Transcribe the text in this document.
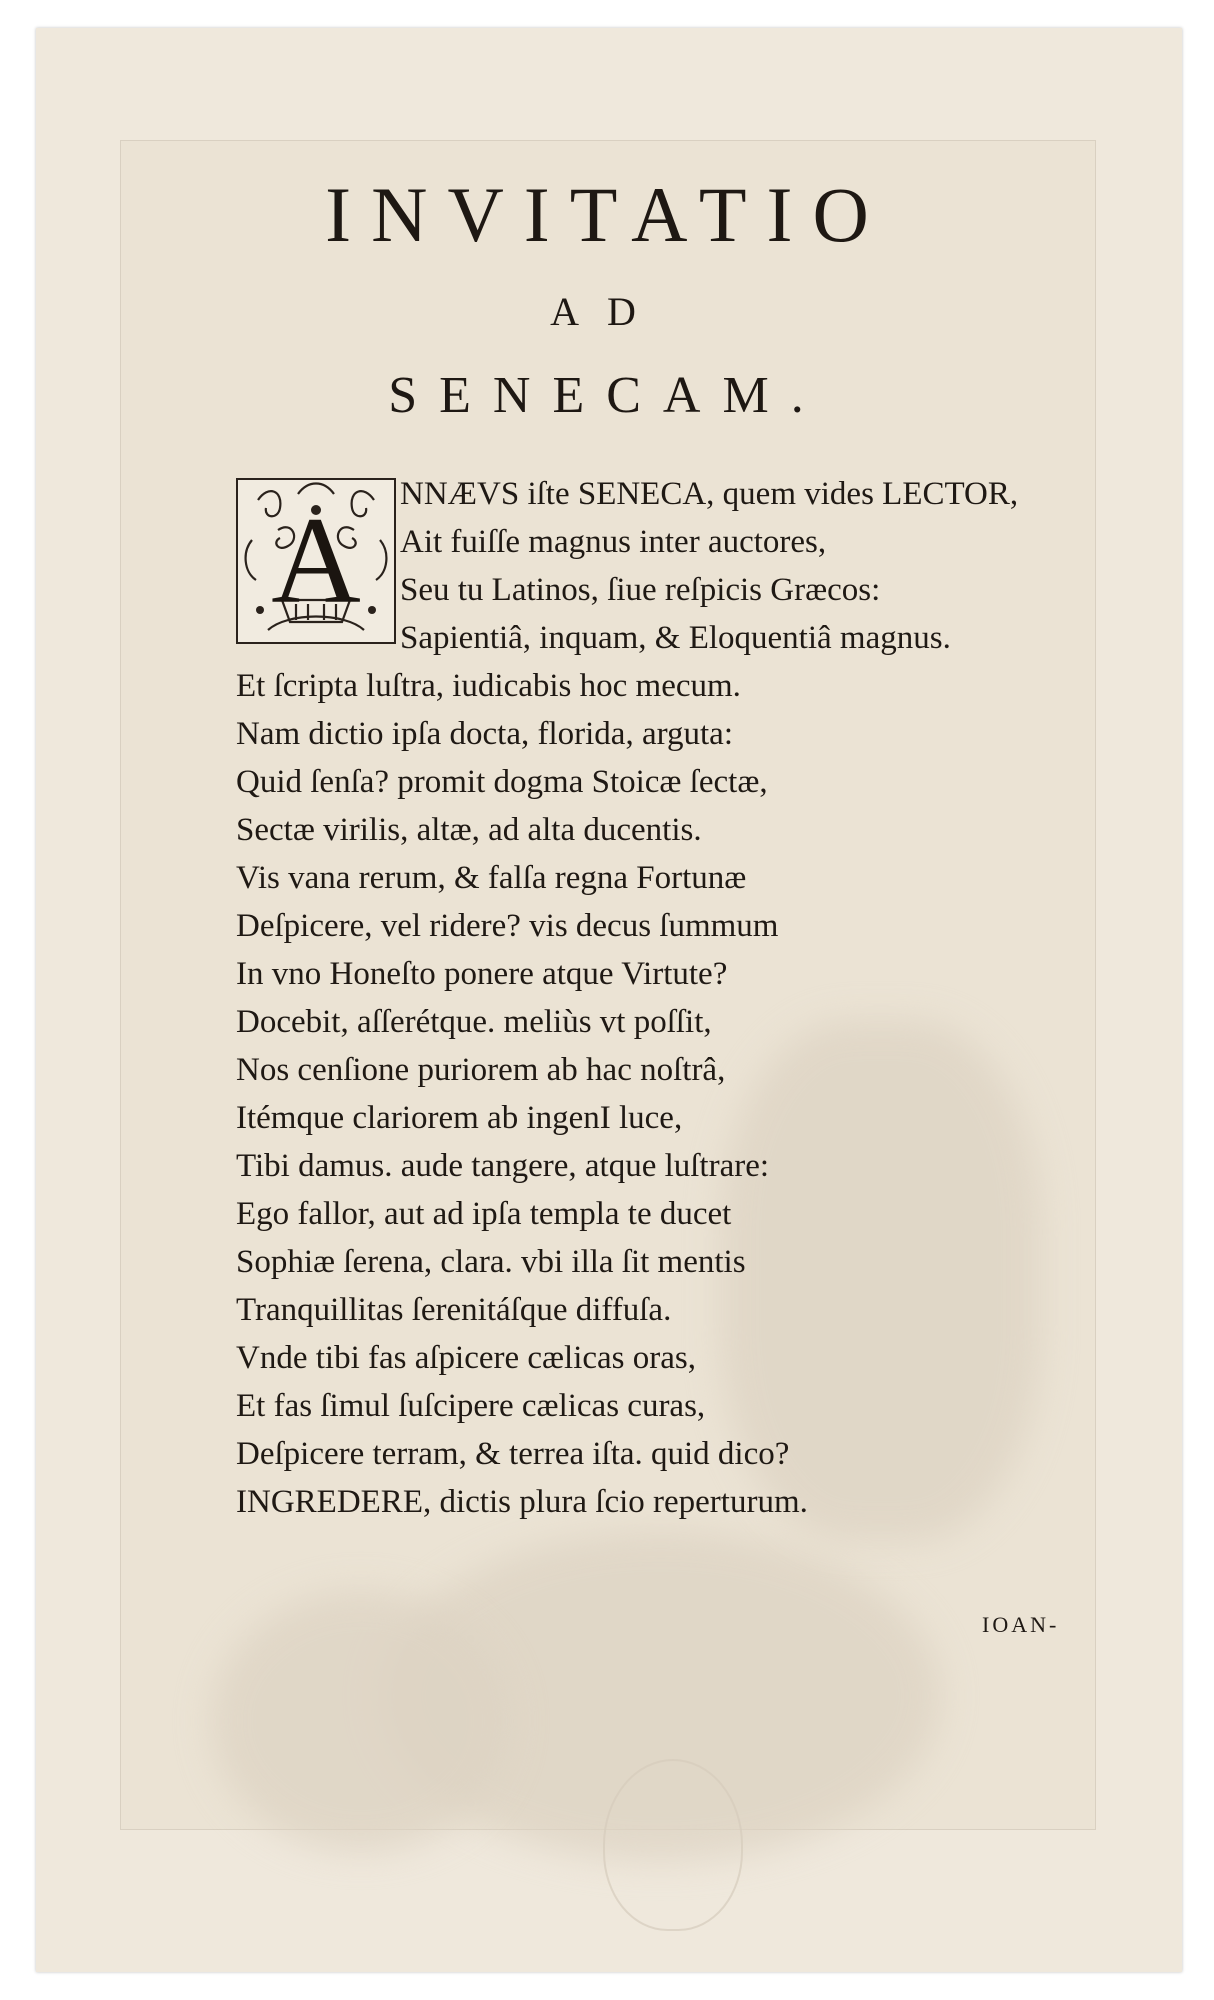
INVITATIO
AD
SENECAM.
A	NNÆVS iſte SENECA, quem vides LECTOR,
Ait fuiſſe magnus inter auctores,
Seu tu Latinos, ſiue reſpicis Græcos:
Sapientiâ, inquam, & Eloquentiâ magnus.
Et ſcripta luſtra, iudicabis hoc mecum.
Nam dictio ipſa docta, florida, arguta:
Quid ſenſa? promit dogma Stoicæ ſectæ,
Sectæ virilis, altæ, ad alta ducentis.
Vis vana rerum, & falſa regna Fortunæ
Deſpicere, vel ridere? vis decus ſummum
In vno Honeſto ponere atque Virtute?
Docebit, aſſerétque. meliùs vt poſſit,
Nos cenſione puriorem ab hac noſtrâ,
Itémque clariorem ab ingenI luce,
Tibi damus. aude tangere, atque luſtrare:
Ego fallor, aut ad ipſa templa te ducet
Sophiæ ſerena, clara. vbi illa ſit mentis
Tranquillitas ſerenitáſque diffuſa.
Vnde tibi fas aſpicere cælicas oras,
Et fas ſimul ſuſcipere cælicas curas,
Deſpicere terram, & terrea iſta. quid dico?
INGREDERE, dictis plura ſcio reperturum.
IOAN-
